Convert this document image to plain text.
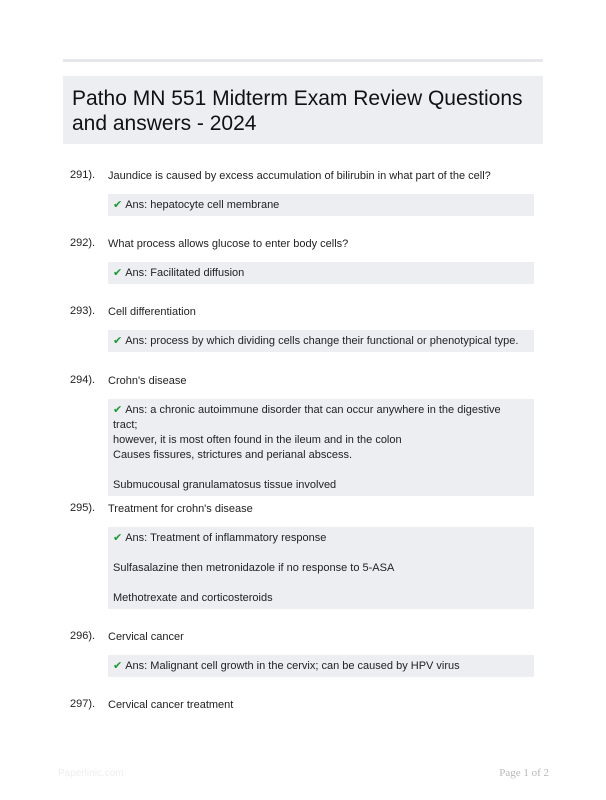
Patho MN 551 Midterm Exam Review Questions and answers - 2024
291). Jaundice is caused by excess accumulation of bilirubin in what part of the cell?
✔ Ans: hepatocyte cell membrane
292). What process allows glucose to enter body cells?
✔ Ans: Facilitated diffusion
293). Cell differentiation
✔ Ans: process by which dividing cells change their functional or phenotypical type.
294). Crohn's disease
✔ Ans: a chronic autoimmune disorder that can occur anywhere in the digestive tract;
however, it is most often found in the ileum and in the colon
Causes fissures, strictures and perianal abscess.
Submucousal granulamatosus tissue involved
295). Treatment for crohn's disease
✔ Ans: Treatment of inflammatory response
Sulfasalazine then metronidazole if no response to 5-ASA
Methotrexate and corticosteroids
296). Cervical cancer
✔ Ans: Malignant cell growth in the cervix; can be caused by HPV virus
297). Cervical cancer treatment
Paperlinic.com	Page 1 of 2
